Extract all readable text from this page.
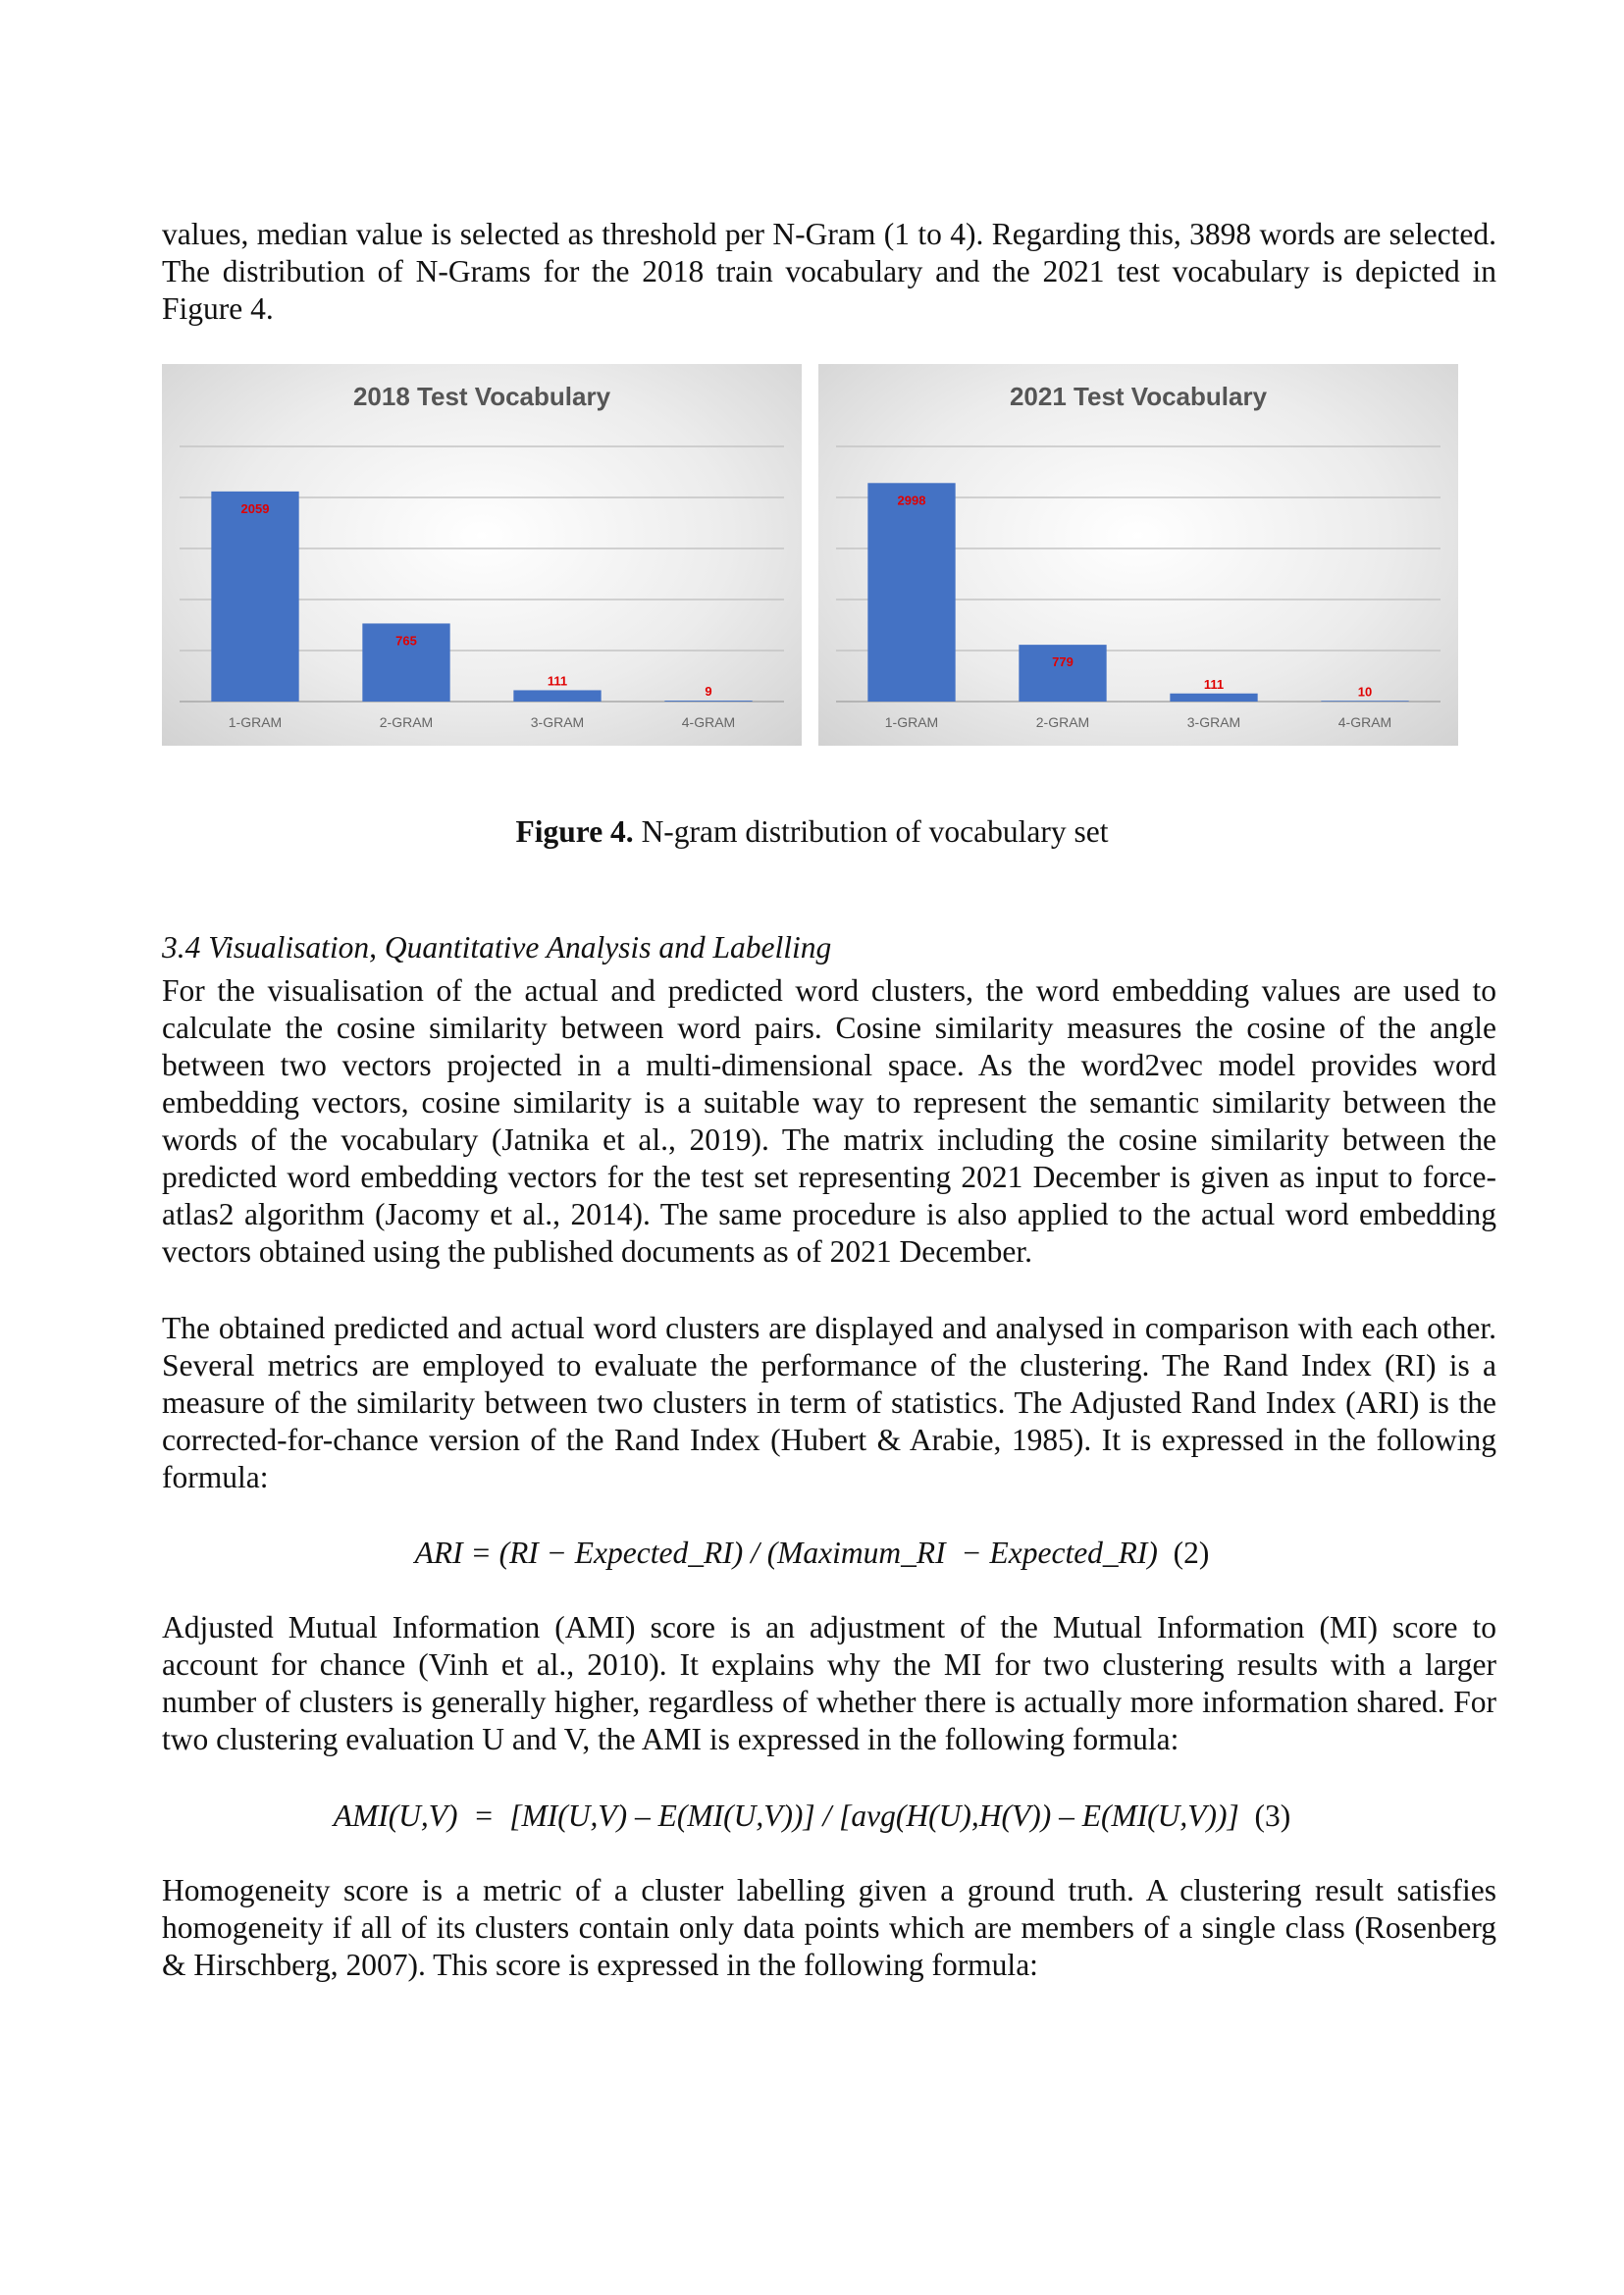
values, median value is selected as threshold per N-Gram (1 to 4). Regarding this, 3898 words are selected. The distribution of N-Grams for the 2018 train vocabulary and the 2021 test vocabulary is depicted in Figure 4.

2018 Test Vocabulary
2059
1-GRAM
765
2-GRAM
111
3-GRAM
9
4-GRAM
2021 Test Vocabulary
2998
1-GRAM
779
2-GRAM
111
3-GRAM
10
4-GRAM
Figure 4. N-gram distribution of vocabulary set

3.4 Visualisation, Quantitative Analysis and Labelling

For the visualisation of the actual and predicted word clusters, the word embedding values are used to calculate the cosine similarity between word pairs. Cosine similarity measures the cosine of the angle between two vectors projected in a multi-dimensional space. As the word2vec model provides word embedding vectors, cosine similarity is a suitable way to represent the semantic similarity between the words of the vocabulary (Jatnika et al., 2019). The matrix including the cosine similarity between the predicted word embedding vectors for the test set representing 2021 December is given as input to force-atlas2 algorithm (Jacomy et al., 2014). The same procedure is also applied to the actual word embedding vectors obtained using the published documents as of 2021 December.

The obtained predicted and actual word clusters are displayed and analysed in comparison with each other. Several metrics are employed to evaluate the performance of the clustering. The Rand Index (RI) is a measure of the similarity between two clusters in term of statistics. The Adjusted Rand Index (ARI) is the corrected-for-chance version of the Rand Index (Hubert & Arabie, 1985). It is expressed in the following formula:

ARI = (RI − Expected_RI) / (Maximum_RI  − Expected_RI) (2)

Adjusted Mutual Information (AMI) score is an adjustment of the Mutual Information (MI) score to account for chance (Vinh et al., 2010). It explains why the MI for two clustering results with a larger number of clusters is generally higher, regardless of whether there is actually more information shared. For two clustering evaluation U and V, the AMI is expressed in the following formula:

AMI(U,V)  =  [MI(U,V) – E(MI(U,V))] / [avg(H(U),H(V)) – E(MI(U,V))] (3)

Homogeneity score is a metric of a cluster labelling given a ground truth. A clustering result satisfies homogeneity if all of its clusters contain only data points which are members of a single class (Rosenberg & Hirschberg, 2007). This score is expressed in the following formula:
